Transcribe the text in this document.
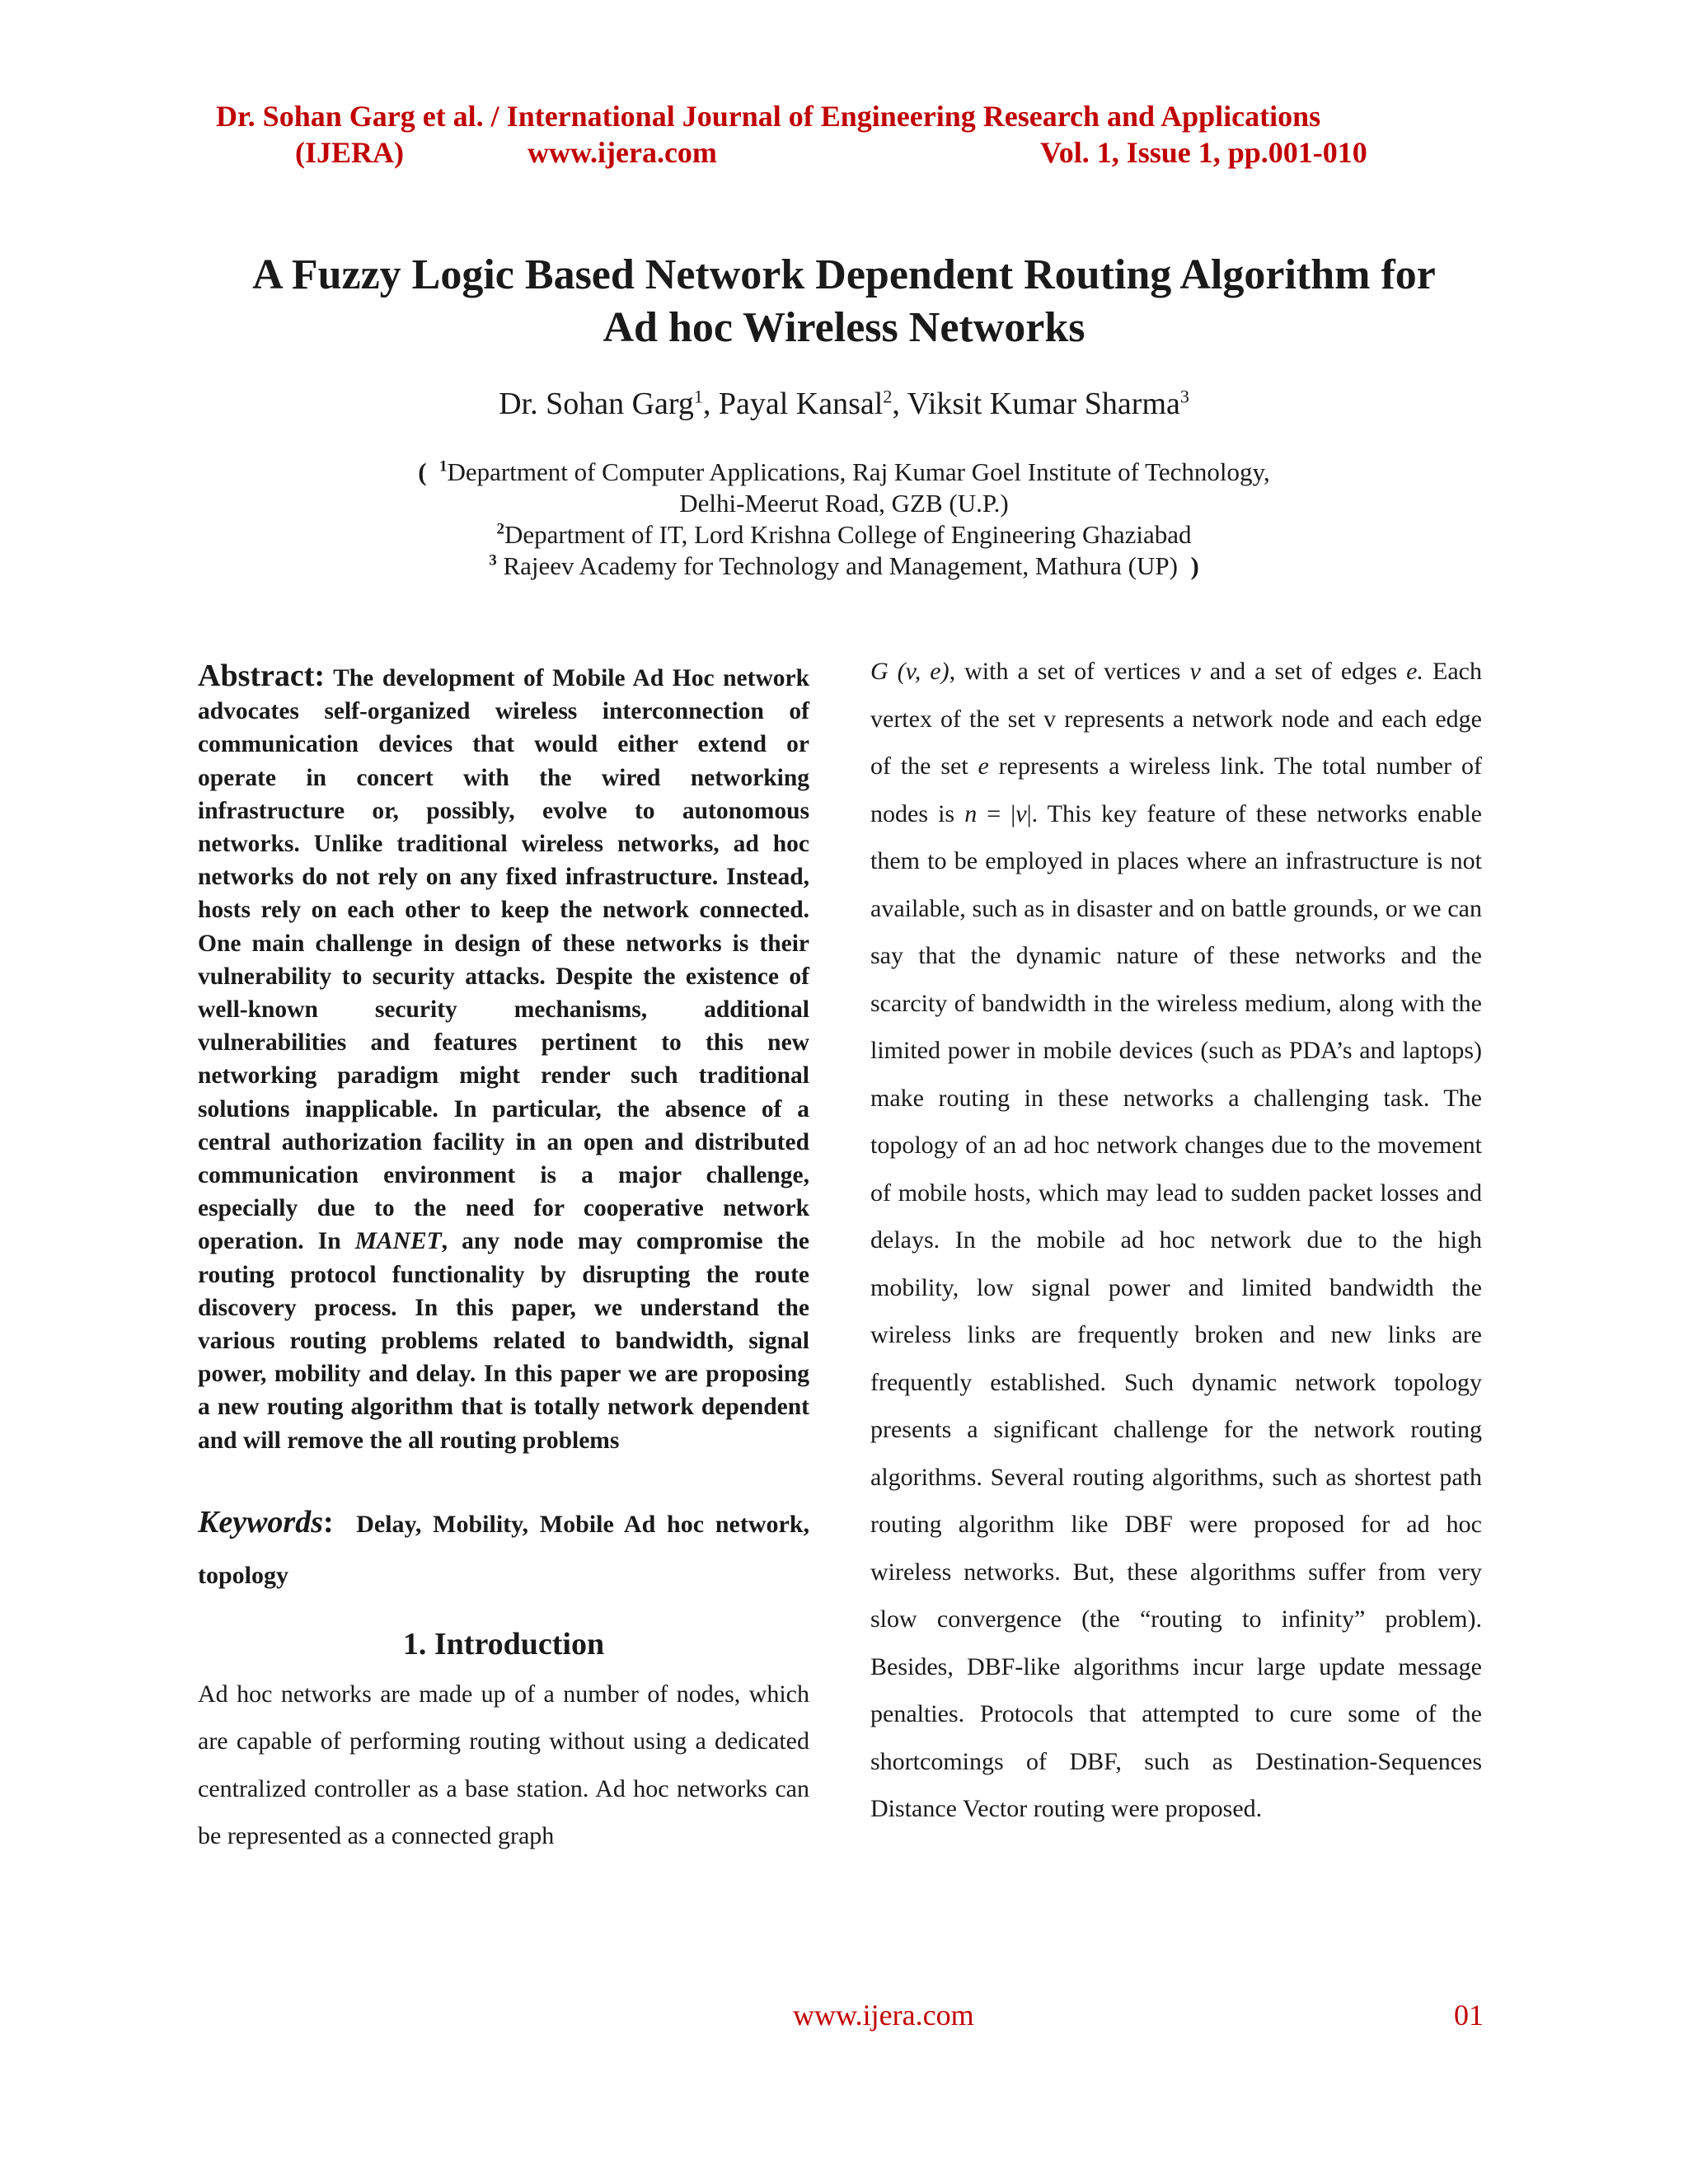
Dr. Sohan Garg et al. / International Journal of Engineering Research and Applications
(IJERA)	www.ijera.com	Vol. 1, Issue 1, pp.001-010
A Fuzzy Logic Based Network Dependent Routing Algorithm for
Ad hoc Wireless Networks
Dr. Sohan Garg$^1$, Payal Kansal$^2$, Viksit Kumar Sharma$^3$
( $^1$Department of Computer Applications, Raj Kumar Goel Institute of Technology,
Delhi-Meerut Road, GZB (U.P.)
$^2$Department of IT, Lord Krishna College of Engineering Ghaziabad
$^3$ Rajeev Academy for Technology and Management, Mathura (UP) )

Abstract: The development of Mobile Ad Hoc network advocates self-organized wireless interconnection of communication devices that would either extend or operate in concert with the wired networking infrastructure or, possibly, evolve to autonomous networks. Unlike traditional wireless networks, ad hoc networks do not rely on any fixed infrastructure. Instead, hosts rely on each other to keep the network connected. One main challenge in design of these networks is their vulnerability to security attacks. Despite the existence of well-known security mechanisms, additional vulnerabilities and features pertinent to this new networking paradigm might render such traditional solutions inapplicable. In particular, the absence of a central authorization facility in an open and distributed communication environment is a major challenge, especially due to the need for cooperative network operation. In MANET, any node may compromise the routing protocol functionality by disrupting the route discovery process. In this paper, we understand the various routing problems related to bandwidth, signal power, mobility and delay. In this paper we are proposing a new routing algorithm that is totally network dependent and will remove the all routing problems

Keywords: Delay, Mobility, Mobile Ad hoc network, topology

1. Introduction

Ad hoc networks are made up of a number of nodes, which are capable of performing routing without using a dedicated centralized controller as a base station. Ad hoc networks can be represented as a connected graph

G (v, e), with a set of vertices v and a set of edges e. Each vertex of the set v represents a network node and each edge of the set e represents a wireless link. The total number of nodes is n = |v|. This key feature of these networks enable them to be employed in places where an infrastructure is not available, such as in disaster and on battle grounds, or we can say that the dynamic nature of these networks and the scarcity of bandwidth in the wireless medium, along with the limited power in mobile devices (such as PDA’s and laptops) make routing in these networks a challenging task. The topology of an ad hoc network changes due to the movement of mobile hosts, which may lead to sudden packet losses and delays. In the mobile ad hoc network due to the high mobility, low signal power and limited bandwidth the wireless links are frequently broken and new links are frequently established. Such dynamic network topology presents a significant challenge for the network routing algorithms. Several routing algorithms, such as shortest path routing algorithm like DBF were proposed for ad hoc wireless networks. But, these algorithms suffer from very slow convergence (the “routing to infinity” problem). Besides, DBF-like algorithms incur large update message penalties. Protocols that attempted to cure some of the shortcomings of DBF, such as Destination-Sequences Distance Vector routing were proposed.

www.ijera.com	01
